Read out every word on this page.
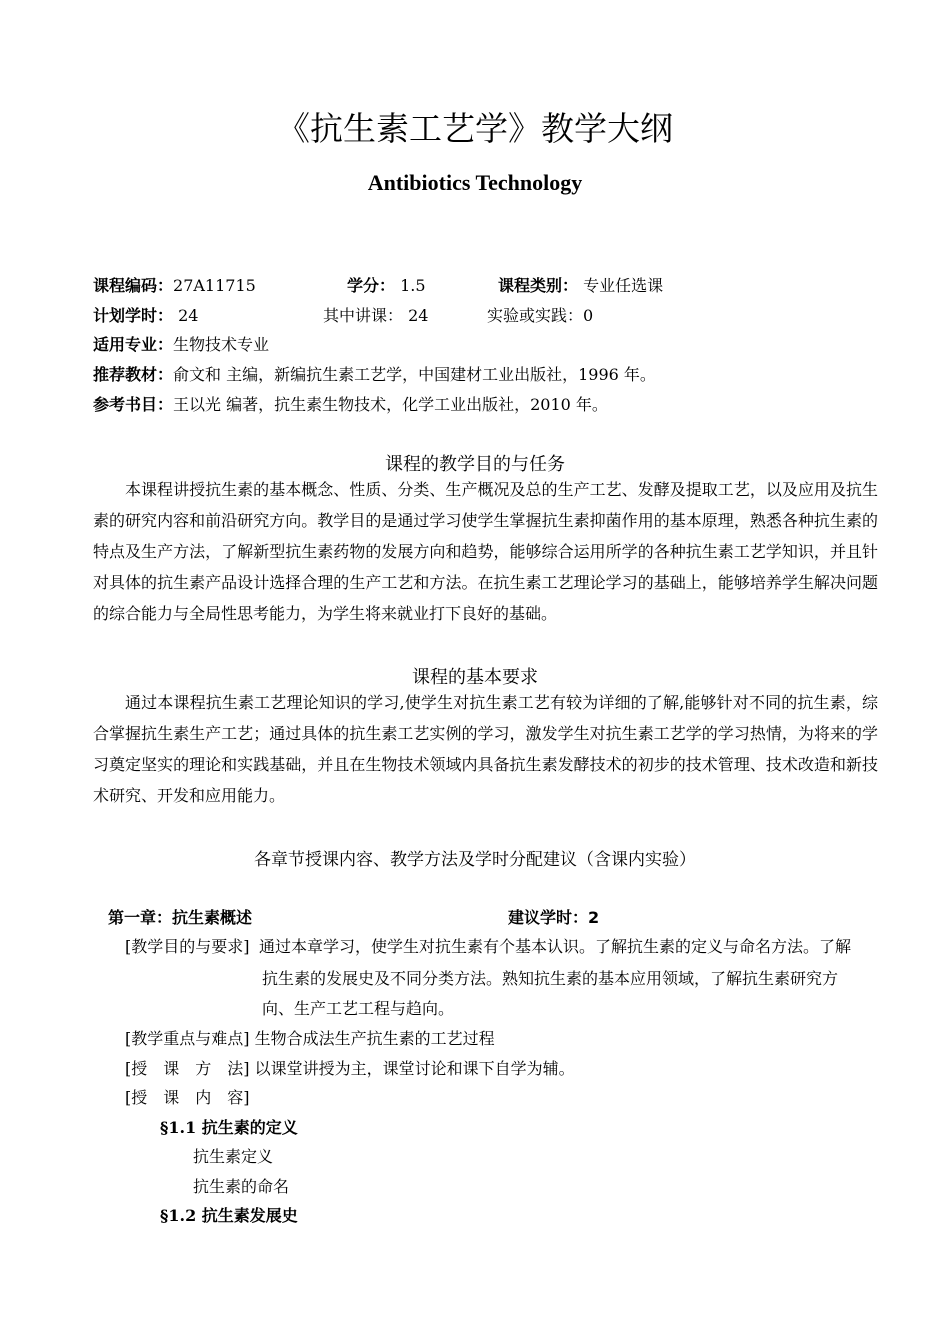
《抗生素工艺学》教学大纲
Antibiotics Technology
课程编码：27A11715	学分： 1.5	课程类别： 专业任选课
计划学时： 24	其中讲课： 24	实验或实践：0
适用专业：生物技术专业
推荐教材：俞文和 主编，新编抗生素工艺学，中国建材工业出版社，1996 年。
参考书目：王以光 编著，抗生素生物技术，化学工业出版社，2010 年。
课程的教学目的与任务
本课程讲授抗生素的基本概念、性质、分类、生产概况及总的生产工艺、发酵及提取工艺，以及应用及抗生素的研究内容和前沿研究方向。教学目的是通过学习使学生掌握抗生素抑菌作用的基本原理，熟悉各种抗生素的特点及生产方法，了解新型抗生素药物的发展方向和趋势，能够综合运用所学的各种抗生素工艺学知识，并且针对具体的抗生素产品设计选择合理的生产工艺和方法。在抗生素工艺理论学习的基础上，能够培养学生解决问题的综合能力与全局性思考能力，为学生将来就业打下良好的基础。
课程的基本要求
通过本课程抗生素工艺理论知识的学习,使学生对抗生素工艺有较为详细的了解,能够针对不同的抗生素，综合掌握抗生素生产工艺；通过具体的抗生素工艺实例的学习，激发学生对抗生素工艺学的学习热情，为将来的学习奠定坚实的理论和实践基础，并且在生物技术领域内具备抗生素发酵技术的初步的技术管理、技术改造和新技术研究、开发和应用能力。
各章节授课内容、教学方法及学时分配建议（含课内实验）
第一章：抗生素概述	建议学时：2
[教学目的与要求] 通过本章学习，使学生对抗生素有个基本认识。了解抗生素的定义与命名方法。了解
抗生素的发展史及不同分类方法。熟知抗生素的基本应用领域，了解抗生素研究方
向、生产工艺工程与趋向。
[教学重点与难点] 生物合成法生产抗生素的工艺过程
[授　课　方　法] 以课堂讲授为主，课堂讨论和课下自学为辅。
[授　课　内　容]
§1.1 抗生素的定义
抗生素定义
抗生素的命名
§1.2 抗生素发展史
